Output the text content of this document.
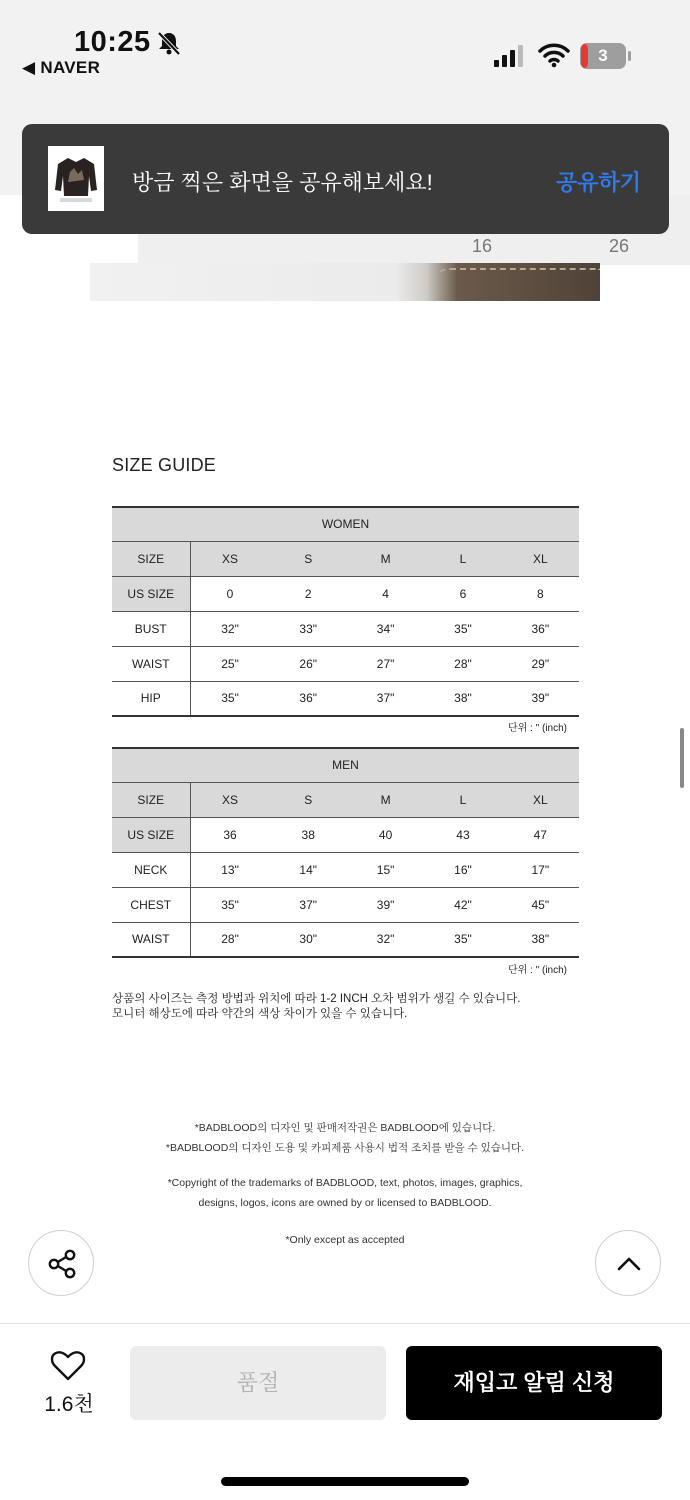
10:25
◀ NAVER
3
16	26
방금 찍은 화면을 공유해보세요!	공유하기
SIZE GUIDE
WOMEN					
SIZE	XS	S	M	L	XL
US SIZE	0	2	4	6	8
BUST	32"	33"	34"	35"	36"
WAIST	25"	26"	27"	28"	29"
HIP	35"	36"	37"	38"	39"
단위 : " (inch)
MEN					
SIZE	XS	S	M	L	XL
US SIZE	36	38	40	43	47
NECK	13"	14"	15"	16"	17"
CHEST	35"	37"	39"	42"	45"
WAIST	28"	30"	32"	35"	38"
단위 : " (inch)
상품의 사이즈는 측정 방법과 위치에 따라 1-2 INCH 오차 범위가 생길 수 있습니다.
모니터 해상도에 따라 약간의 색상 차이가 있을 수 있습니다.
*BADBLOOD의 디자인 및 판매저작권은 BADBLOOD에 있습니다.
*BADBLOOD의 디자인 도용 및 카피제품 사용시 법적 조치를 받을 수 있습니다.
*Copyright of the trademarks of BADBLOOD, text, photos, images, graphics,
designs, logos, icons are owned by or licensed to BADBLOOD.
*Only except as accepted
1.6천
품절	재입고 알림 신청
